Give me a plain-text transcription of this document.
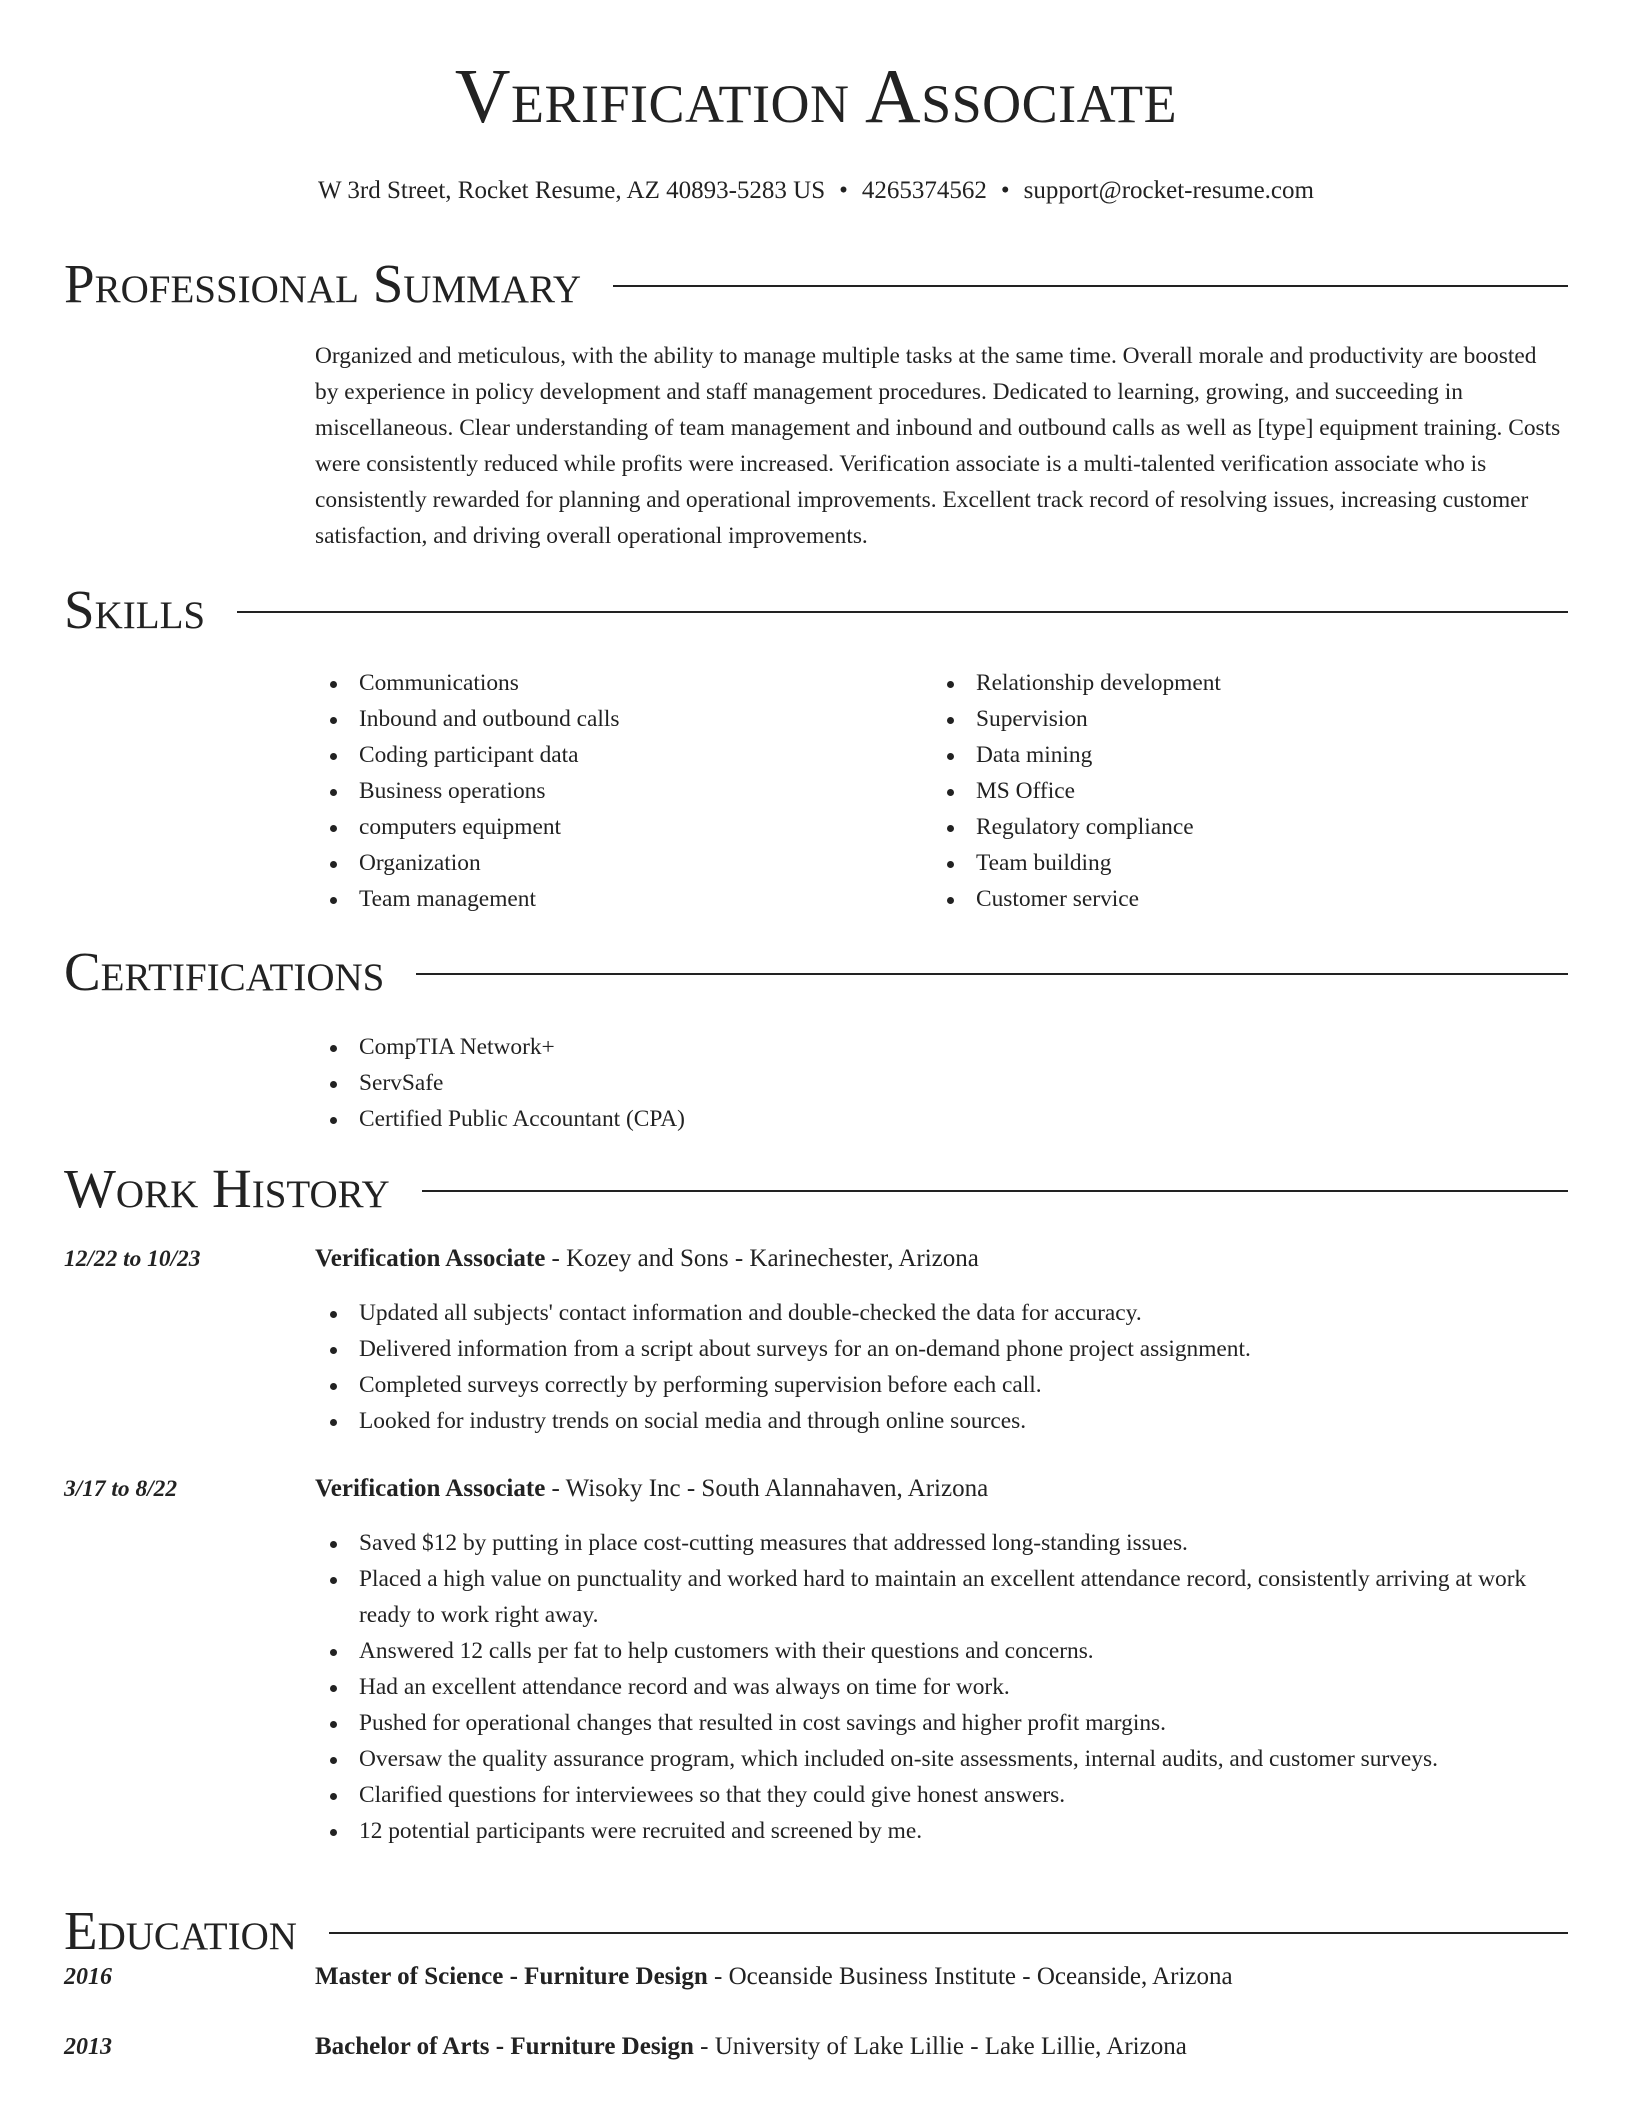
Verification Associate
W 3rd Street, Rocket Resume, AZ 40893-5283 US • 4265374562 • support@rocket-resume.com
Professional Summary

Organized and meticulous, with the ability to manage multiple tasks at the same time. Overall morale and productivity are boosted by experience in policy development and staff management procedures. Dedicated to learning, growing, and succeeding in miscellaneous. Clear understanding of team management and inbound and outbound calls as well as [type] equipment training. Costs were consistently reduced while profits were increased. Verification associate is a multi-talented verification associate who is consistently rewarded for planning and operational improvements. Excellent track record of resolving issues, increasing customer satisfaction, and driving overall operational improvements.

Skills
Communications
Inbound and outbound calls
Coding participant data
Business operations
computers equipment
Organization
Team management
Relationship development
Supervision
Data mining
MS Office
Regulatory compliance
Team building
Customer service
Certifications
CompTIA Network+
ServSafe
Certified Public Accountant (CPA)
Work History
12/22 to 10/23	Verification Associate - Kozey and Sons - Karinechester, Arizona
Updated all subjects' contact information and double-checked the data for accuracy.
Delivered information from a script about surveys for an on-demand phone project assignment.
Completed surveys correctly by performing supervision before each call.
Looked for industry trends on social media and through online sources.
3/17 to 8/22	Verification Associate - Wisoky Inc - South Alannahaven, Arizona
Saved $12 by putting in place cost-cutting measures that addressed long-standing issues.
Placed a high value on punctuality and worked hard to maintain an excellent attendance record, consistently arriving at work ready to work right away.
Answered 12 calls per fat to help customers with their questions and concerns.
Had an excellent attendance record and was always on time for work.
Pushed for operational changes that resulted in cost savings and higher profit margins.
Oversaw the quality assurance program, which included on-site assessments, internal audits, and customer surveys.
Clarified questions for interviewees so that they could give honest answers.
12 potential participants were recruited and screened by me.
Education
2016	Master of Science - Furniture Design - Oceanside Business Institute - Oceanside, Arizona
2013	Bachelor of Arts - Furniture Design - University of Lake Lillie - Lake Lillie, Arizona
